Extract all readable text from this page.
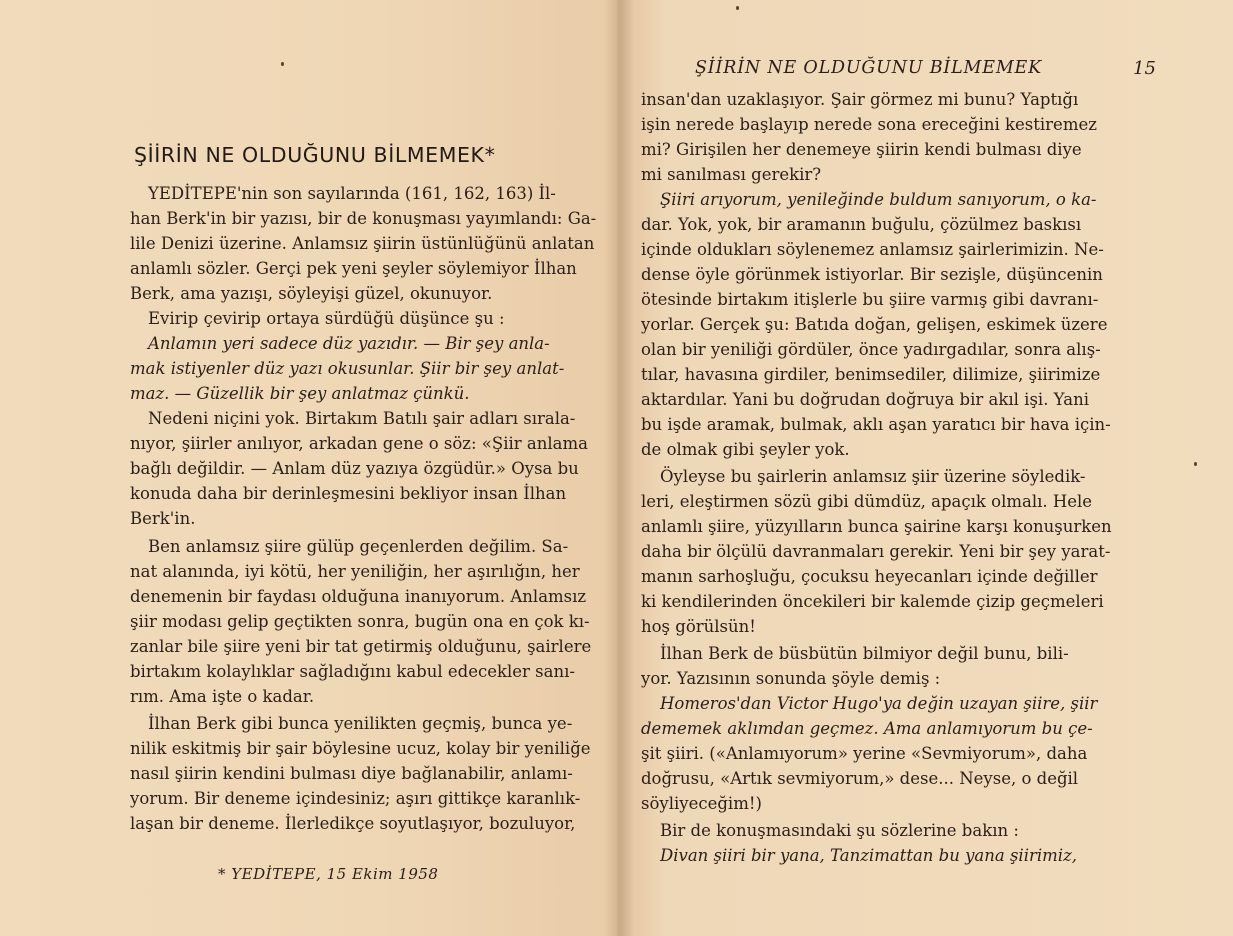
ŞİİRİN NE OLDUĞUNU BİLMEMEK*
YEDİTEPE'nin son sayılarında (161, 162, 163) İl-
han Berk'in bir yazısı, bir de konuşması yayımlandı: Ga-
lile Denizi üzerine. Anlamsız şiirin üstünlüğünü anlatan
anlamlı sözler. Gerçi pek yeni şeyler söylemiyor İlhan
Berk, ama yazışı, söyleyişi güzel, okunuyor.
Evirip çevirip ortaya sürdüğü düşünce şu :
Anlamın yeri sadece düz yazıdır. — Bir şey anla-
mak istiyenler düz yazı okusunlar. Şiir bir şey anlat-
maz. — Güzellik bir şey anlatmaz çünkü.
Nedeni niçini yok. Birtakım Batılı şair adları sırala-
nıyor, şiirler anılıyor, arkadan gene o söz: «Şiir anlama
bağlı değildir. — Anlam düz yazıya özgüdür.» Oysa bu
konuda daha bir derinleşmesini bekliyor insan İlhan
Berk'in.
Ben anlamsız şiire gülüp geçenlerden değilim. Sa-
nat alanında, iyi kötü, her yeniliğin, her aşırılığın, her
denemenin bir faydası olduğuna inanıyorum. Anlamsız
şiir modası gelip geçtikten sonra, bugün ona en çok kı-
zanlar bile şiire yeni bir tat getirmiş olduğunu, şairlere
birtakım kolaylıklar sağladığını kabul edecekler sanı-
rım. Ama işte o kadar.
İlhan Berk gibi bunca yenilikten geçmiş, bunca ye-
nilik eskitmiş bir şair böylesine ucuz, kolay bir yeniliğe
nasıl şiirin kendini bulması diye bağlanabilir, anlamı-
yorum. Bir deneme içindesiniz; aşırı gittikçe karanlık-
laşan bir deneme. İlerledikçe soyutlaşıyor, bozuluyor,
* YEDİTEPE, 15 Ekim 1958
ŞİİRİN NE OLDUĞUNU BİLMEMEK	15
insan'dan uzaklaşıyor. Şair görmez mi bunu? Yaptığı
işin nerede başlayıp nerede sona ereceğini kestiremez
mi? Girişilen her denemeye şiirin kendi bulması diye
mi sanılması gerekir?
Şiiri arıyorum, yenileğinde buldum sanıyorum, o ka-
dar. Yok, yok, bir aramanın buğulu, çözülmez baskısı
içinde oldukları söylenemez anlamsız şairlerimizin. Ne-
dense öyle görünmek istiyorlar. Bir sezişle, düşüncenin
ötesinde birtakım itişlerle bu şiire varmış gibi davranı-
yorlar. Gerçek şu: Batıda doğan, gelişen, eskimek üzere
olan bir yeniliği gördüler, önce yadırgadılar, sonra alış-
tılar, havasına girdiler, benimsediler, dilimize, şiirimize
aktardılar. Yani bu doğrudan doğruya bir akıl işi. Yani
bu işde aramak, bulmak, aklı aşan yaratıcı bir hava için-
de olmak gibi şeyler yok.
Öyleyse bu şairlerin anlamsız şiir üzerine söyledik-
leri, eleştirmen sözü gibi dümdüz, apaçık olmalı. Hele
anlamlı şiire, yüzyılların bunca şairine karşı konuşurken
daha bir ölçülü davranmaları gerekir. Yeni bir şey yarat-
manın sarhoşluğu, çocuksu heyecanları içinde değiller
ki kendilerinden öncekileri bir kalemde çizip geçmeleri
hoş görülsün!
İlhan Berk de büsbütün bilmiyor değil bunu, bili-
yor. Yazısının sonunda şöyle demiş :
Homeros'dan Victor Hugo'ya değin uzayan şiire, şiir
dememek aklımdan geçmez. Ama anlamıyorum bu çe-
şit şiiri. («Anlamıyorum» yerine «Sevmiyorum», daha
doğrusu, «Artık sevmiyorum,» dese... Neyse, o değil
söyliyeceğim!)
Bir de konuşmasındaki şu sözlerine bakın :
Divan şiiri bir yana, Tanzimattan bu yana şiirimiz,
